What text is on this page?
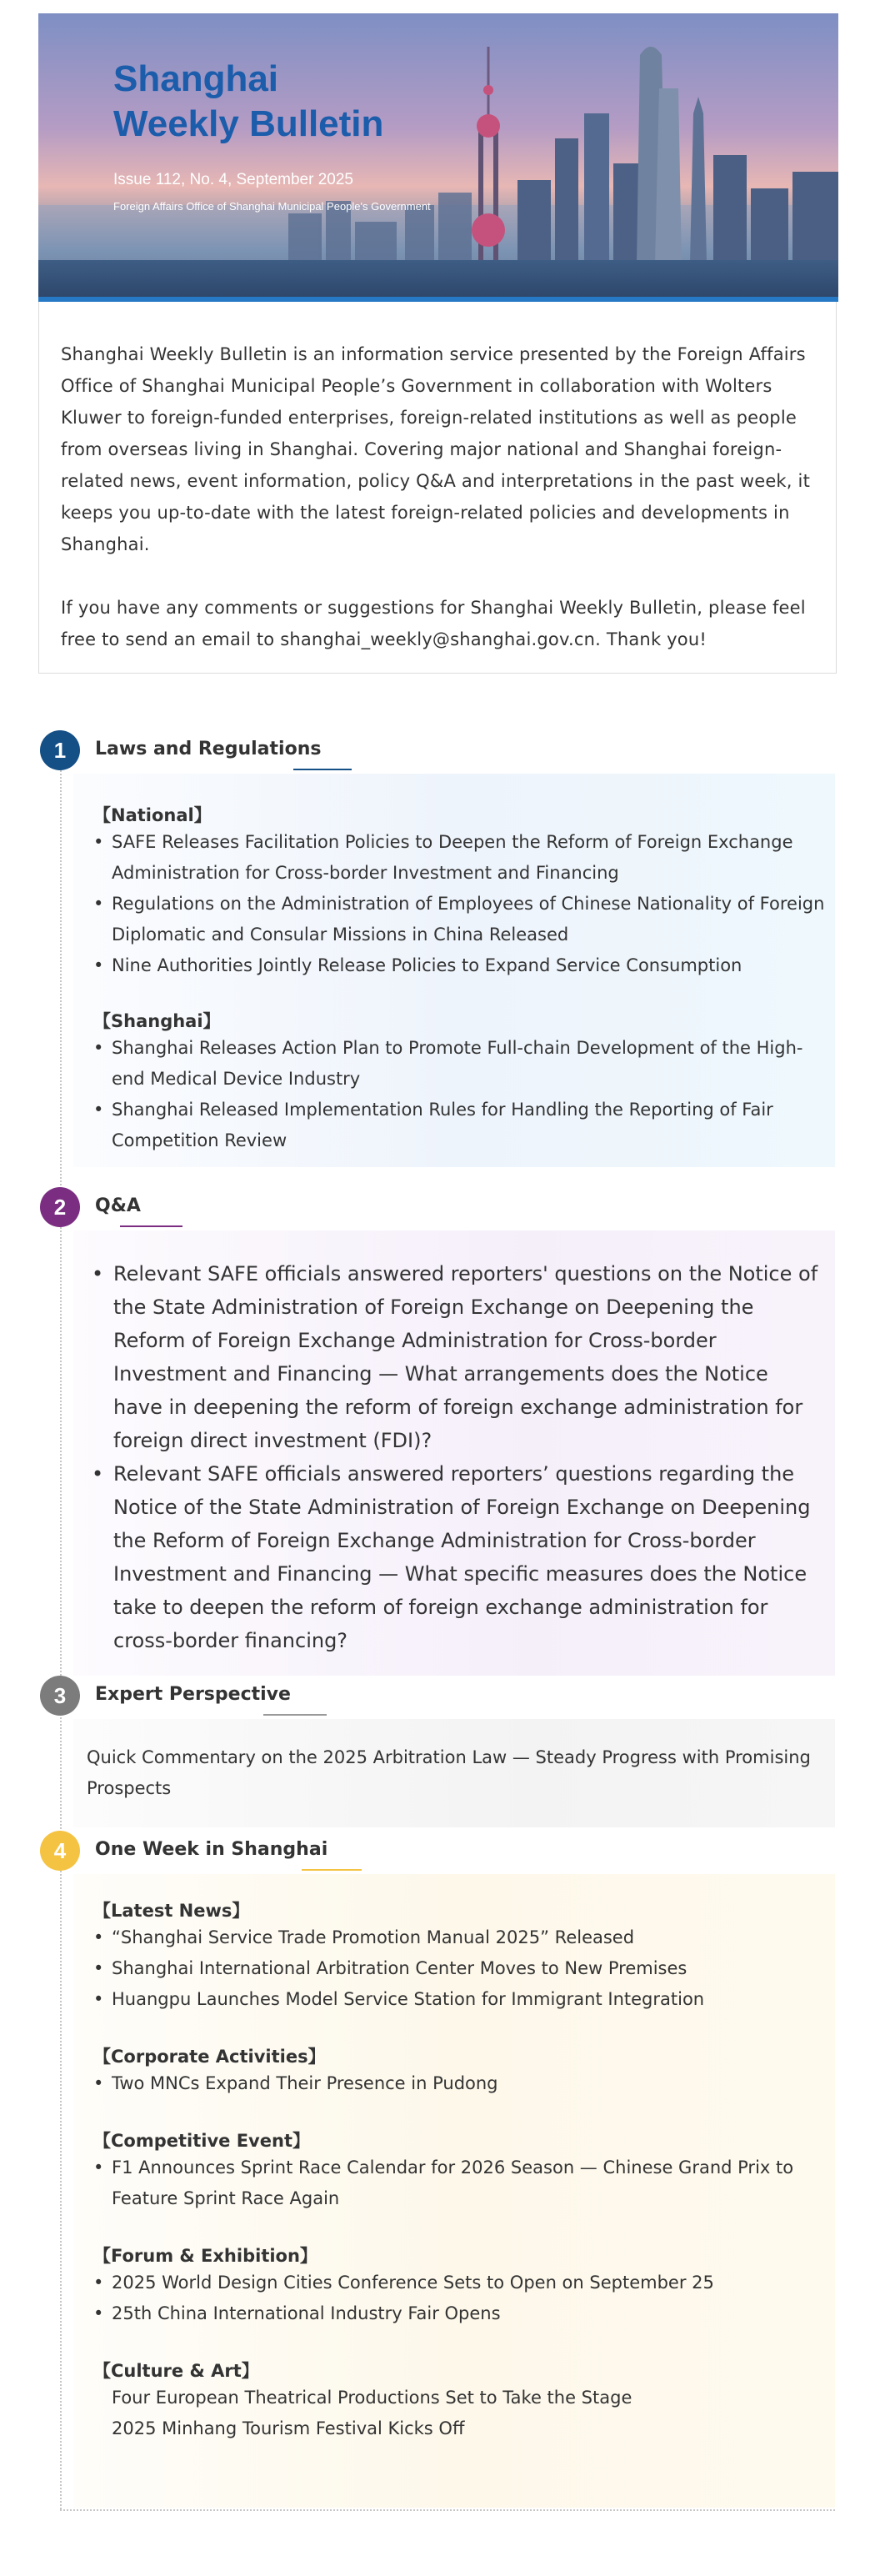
Shanghai
Weekly Bulletin
Issue 112, No. 4, September 2025
Foreign Affairs Office of Shanghai Municipal People's Government

Shanghai Weekly Bulletin is an information service presented by the Foreign Affairs Office of Shanghai Municipal People’s Government in collaboration with Wolters Kluwer to foreign-funded enterprises, foreign-related institutions as well as people from overseas living in Shanghai. Covering major national and Shanghai foreign-related news, event information, policy Q&A and interpretations in the past week, it keeps you up-to-date with the latest foreign-related policies and developments in Shanghai.

If you have any comments or suggestions for Shanghai Weekly Bulletin, please feel free to send an email to shanghai_weekly@shanghai.gov.cn. Thank you!

1	Laws and Regulations

【National】

• SAFE Releases Facilitation Policies to Deepen the Reform of Foreign Exchange Administration for Cross-border Investment and Financing
• Regulations on the Administration of Employees of Chinese Nationality of Foreign Diplomatic and Consular Missions in China Released
• Nine Authorities Jointly Release Policies to Expand Service Consumption

【Shanghai】

• Shanghai Releases Action Plan to Promote Full-chain Development of the High-end Medical Device Industry
• Shanghai Released Implementation Rules for Handling the Reporting of Fair Competition Review
2	Q&A
• Relevant SAFE officials answered reporters' questions on the Notice of the State Administration of Foreign Exchange on Deepening the Reform of Foreign Exchange Administration for Cross-border Investment and Financing — What arrangements does the Notice have in deepening the reform of foreign exchange administration for foreign direct investment (FDI)?
• Relevant SAFE officials answered reporters’ questions regarding the Notice of the State Administration of Foreign Exchange on Deepening the Reform of Foreign Exchange Administration for Cross-border Investment and Financing — What specific measures does the Notice take to deepen the reform of foreign exchange administration for cross-border financing?
3	Expert Perspective
Quick Commentary on the 2025 Arbitration Law — Steady Progress with Promising Prospects
4	One Week in Shanghai

【Latest News】

• “Shanghai Service Trade Promotion Manual 2025” Released
• Shanghai International Arbitration Center Moves to New Premises
• Huangpu Launches Model Service Station for Immigrant Integration

【Corporate Activities】

• Two MNCs Expand Their Presence in Pudong

【Competitive Event】

• F1 Announces Sprint Race Calendar for 2026 Season — Chinese Grand Prix to Feature Sprint Race Again

【Forum & Exhibition】

• 2025 World Design Cities Conference Sets to Open on September 25
• 25th China International Industry Fair Opens

【Culture & Art】

Four European Theatrical Productions Set to Take the Stage
2025 Minhang Tourism Festival Kicks Off
